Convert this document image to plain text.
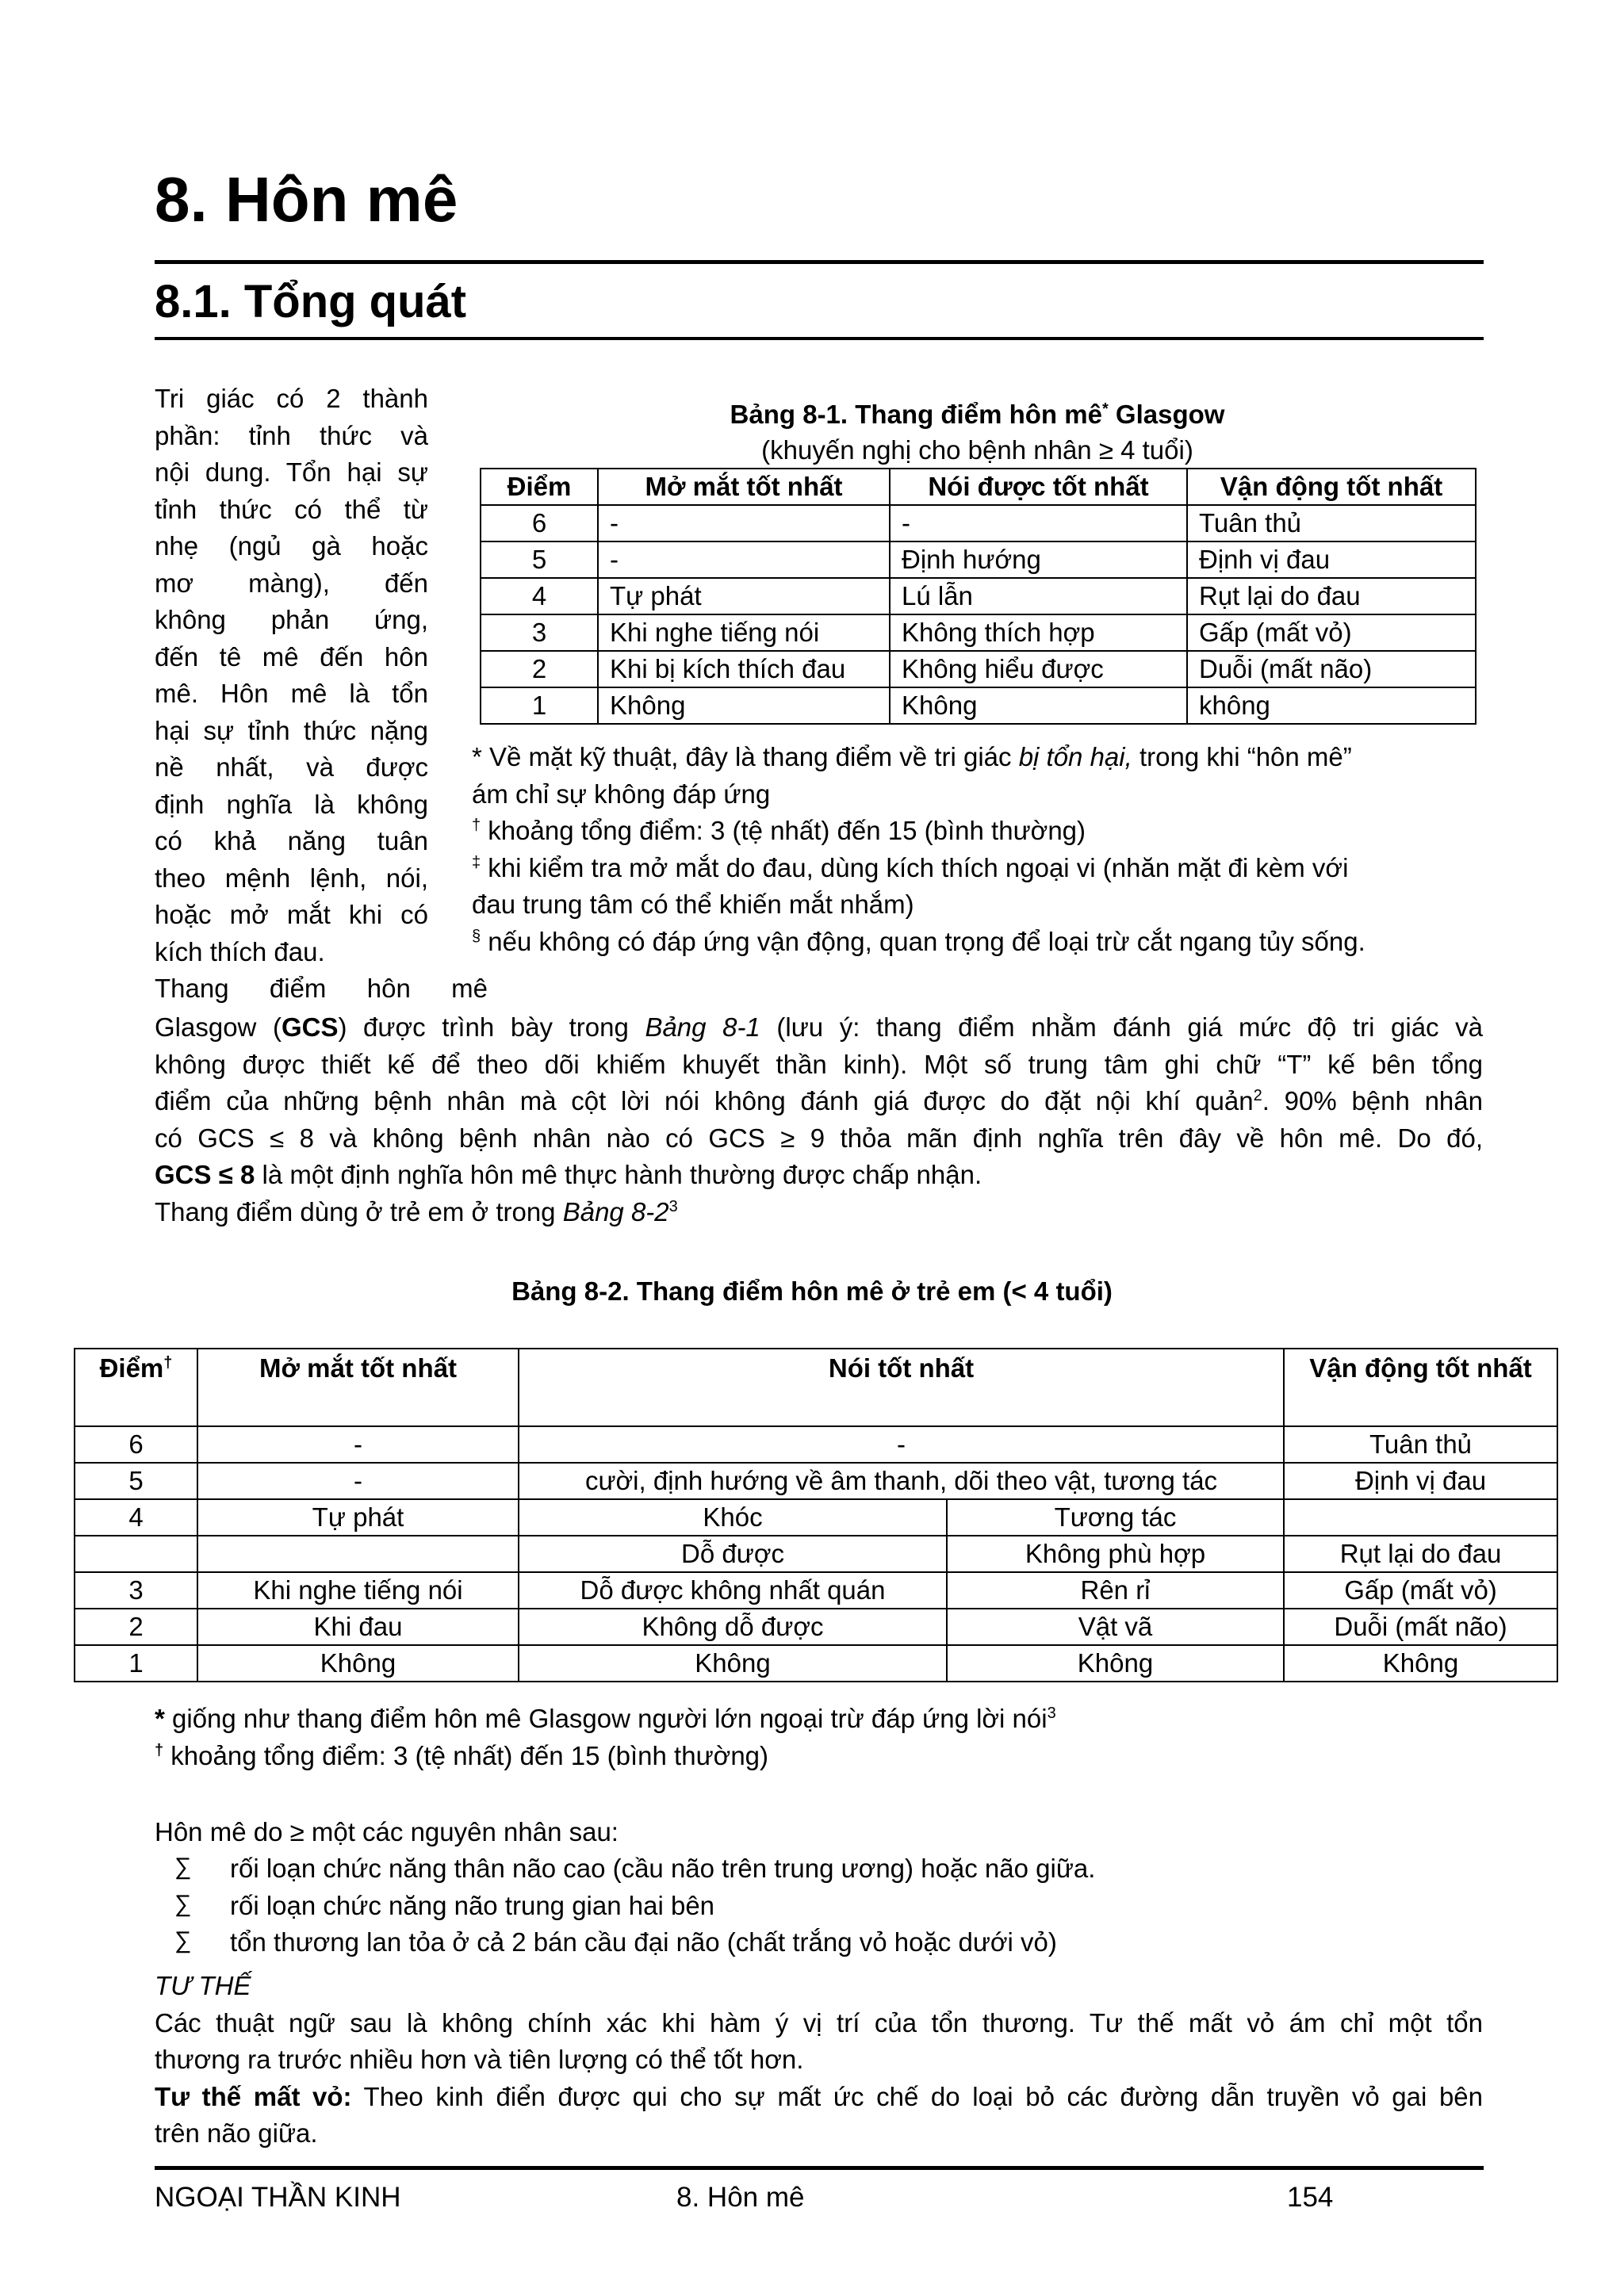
8. Hôn mê
8.1. Tổng quát
Tri giác có 2 thành
phần: tỉnh thức và
nội dung. Tổn hại sự
tỉnh thức có thể từ
nhẹ (ngủ gà hoặc
mơ màng), đến
không phản ứng,
đến tê mê đến hôn
mê. Hôn mê là tổn
hại sự tỉnh thức nặng
nề nhất, và được
định nghĩa là không
có khả năng tuân
theo mệnh lệnh, nói,
hoặc mở mắt khi có
kích thích đau.
Thang điểm hôn mê
Bảng 8-1. Thang điểm hôn mê* Glasgow
(khuyến nghị cho bệnh nhân ≥ 4 tuổi)
Điểm	Mở mắt tốt nhất	Nói được tốt nhất	Vận động tốt nhất
6	-	-	Tuân thủ
5	-	Định hướng	Định vị đau
4	Tự phát	Lú lẫn	Rụt lại do đau
3	Khi nghe tiếng nói	Không thích hợp	Gấp (mất vỏ)
2	Khi bị kích thích đau	Không hiểu được	Duỗi (mất não)
1	Không	Không	không
* Về mặt kỹ thuật, đây là thang điểm về tri giác bị tổn hại, trong khi “hôn mê”
ám chỉ sự không đáp ứng
† khoảng tổng điểm: 3 (tệ nhất) đến 15 (bình thường)
‡ khi kiểm tra mở mắt do đau, dùng kích thích ngoại vi (nhăn mặt đi kèm với
đau trung tâm có thể khiến mắt nhắm)
§ nếu không có đáp ứng vận động, quan trọng để loại trừ cắt ngang tủy sống.
Glasgow (GCS) được trình bày trong Bảng 8-1 (lưu ý: thang điểm nhằm đánh giá mức độ tri giác và
không được thiết kế để theo dõi khiếm khuyết thần kinh). Một số trung tâm ghi chữ “T” kế bên tổng
điểm của những bệnh nhân mà cột lời nói không đánh giá được do đặt nội khí quản$^2$. 90% bệnh nhân
có GCS ≤ 8 và không bệnh nhân nào có GCS ≥ 9 thỏa mãn định nghĩa trên đây về hôn mê. Do đó,
GCS ≤ 8 là một định nghĩa hôn mê thực hành thường được chấp nhận.
Thang điểm dùng ở trẻ em ở trong Bảng $8-2^3$
Bảng 8-2. Thang điểm hôn mê ở trẻ em (< 4 tuổi)
Điểm†	Mở mắt tốt nhất	Nói tốt nhất		Vận động tốt nhất
6	-	-		Tuân thủ
5	-	cười, định hướng về âm thanh, dõi theo vật, tương tác		Định vị đau
4	Tự phát	Khóc	Tương tác	
		Dỗ được	Không phù hợp	Rụt lại do đau
3	Khi nghe tiếng nói	Dỗ được không nhất quán	Rên rỉ	Gấp (mất vỏ)
2	Khi đau	Không dỗ được	Vật vã	Duỗi (mất não)
1	Không	Không	Không	Không
* giống như thang điểm hôn mê Glasgow người lớn ngoại trừ đáp ứng lời nói$^3$
† khoảng tổng điểm: 3 (tệ nhất) đến 15 (bình thường)
Hôn mê do ≥ một các nguyên nhân sau:
∑ rối loạn chức năng thân não cao (cầu não trên trung ương) hoặc não giữa.
∑ rối loạn chức năng não trung gian hai bên
∑ tổn thương lan tỏa ở cả 2 bán cầu đại não (chất trắng vỏ hoặc dưới vỏ)
TƯ THẾ
Các thuật ngữ sau là không chính xác khi hàm ý vị trí của tổn thương. Tư thế mất vỏ ám chỉ một tổn
thương ra trước nhiều hơn và tiên lượng có thể tốt hơn.
Tư thế mất vỏ: Theo kinh điển được qui cho sự mất ức chế do loại bỏ các đường dẫn truyền vỏ gai bên
trên não giữa.
NGOẠI THẦN KINH	8. Hôn mê	154
